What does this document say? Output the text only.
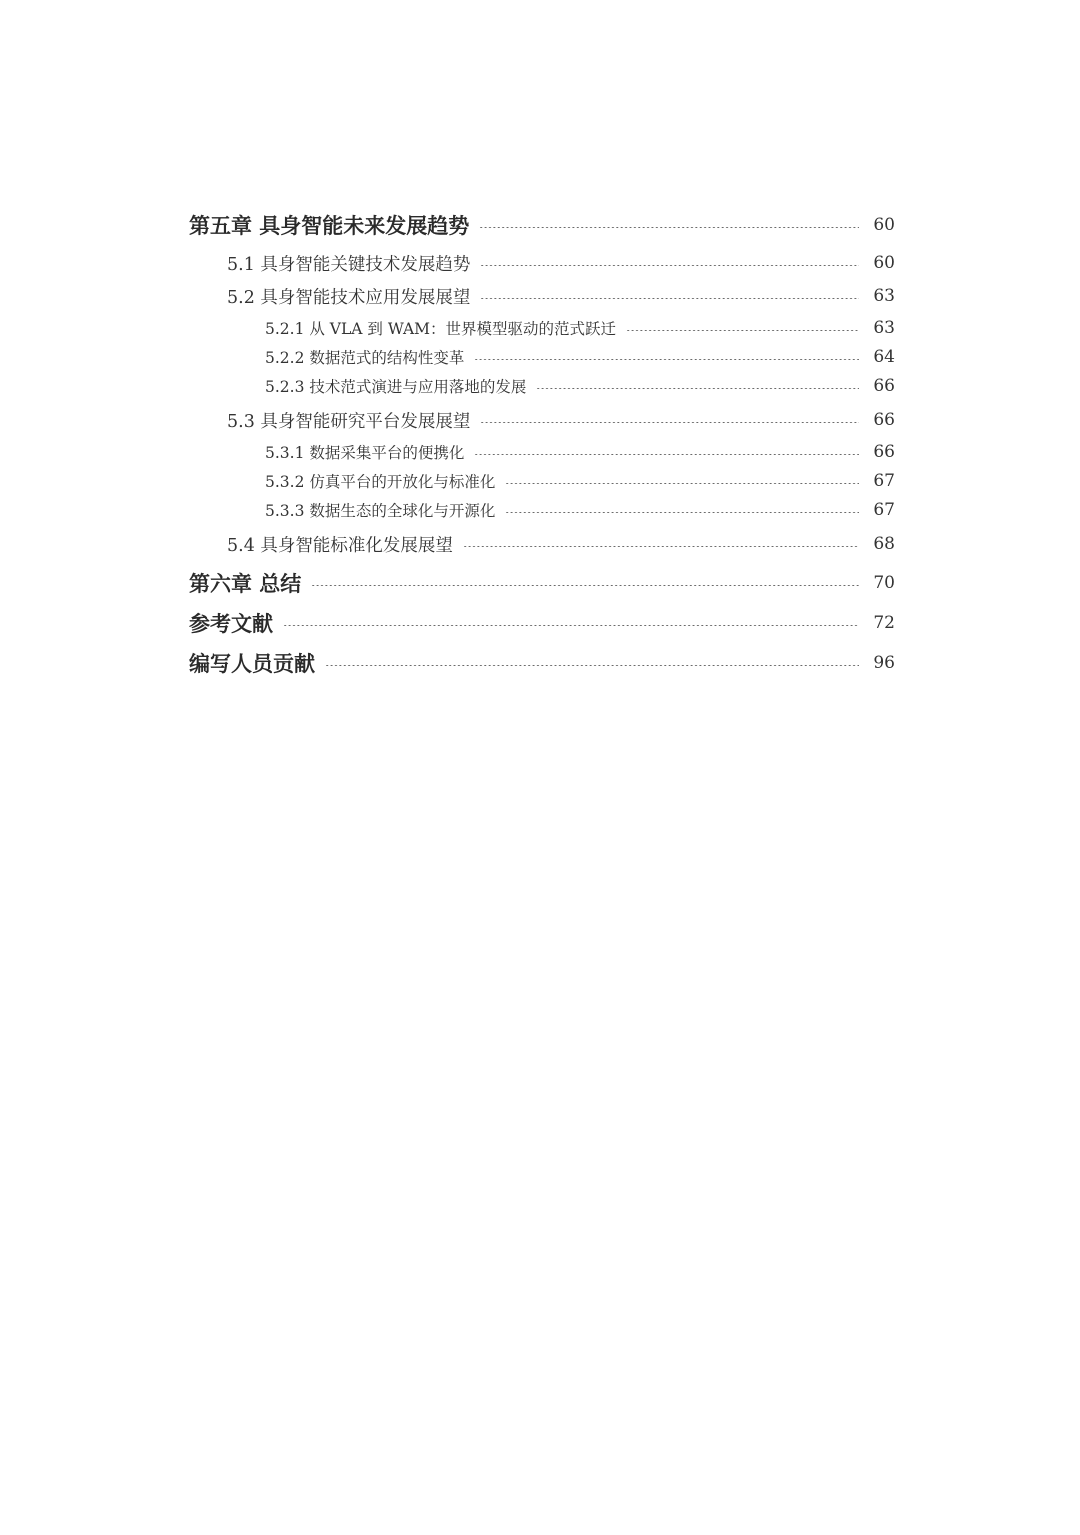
第五章 具身智能未来发展趋势	60
5.1 具身智能关键技术发展趋势	60
5.2 具身智能技术应用发展展望	63
5.2.1 从 VLA 到 WAM：世界模型驱动的范式跃迁	63
5.2.2 数据范式的结构性变革	64
5.2.3 技术范式演进与应用落地的发展	66
5.3 具身智能研究平台发展展望	66
5.3.1 数据采集平台的便携化	66
5.3.2 仿真平台的开放化与标准化	67
5.3.3 数据生态的全球化与开源化	67
5.4 具身智能标准化发展展望	68
第六章 总结	70
参考文献	72
编写人员贡献	96
